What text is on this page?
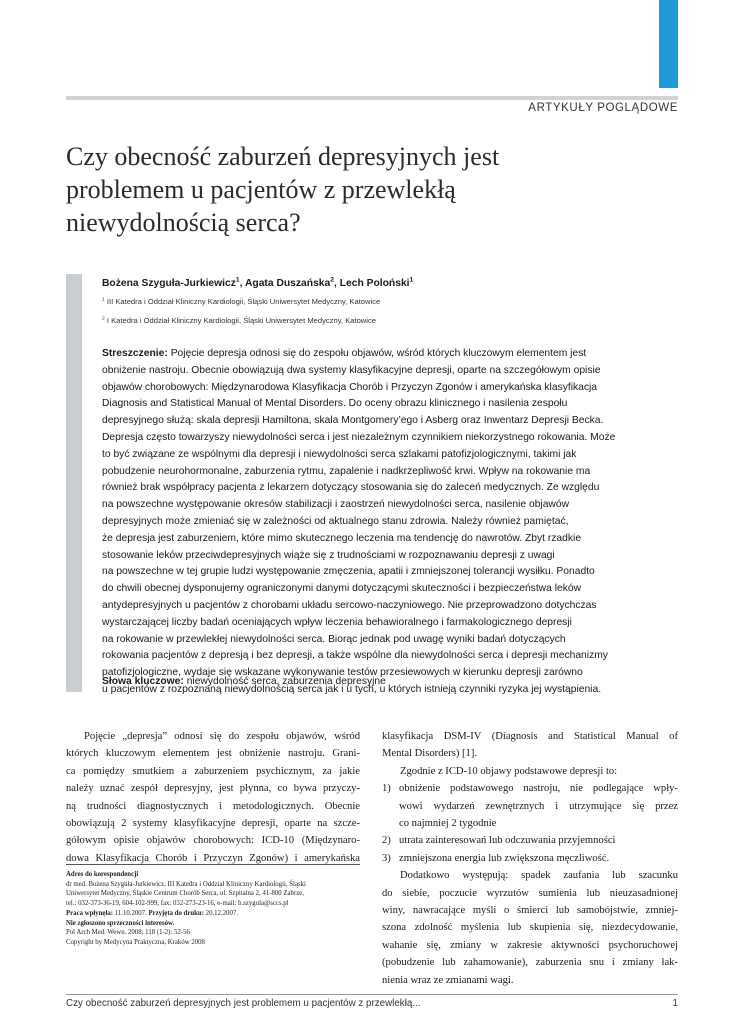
ARTYKUŁY POGLĄDOWE
Czy obecność zaburzeń depresyjnych jest
problemem u pacjentów z przewlekłą
niewydolnością serca?
Bożena Szyguła-Jurkiewicz$^1$, Agata Duszańska$^2$, Lech Poloński$^1$
$^1$ III Katedra i Oddział Kliniczny Kardiologii, Śląski Uniwersytet Medyczny, Katowice
$^2$ I Katedra i Oddział Kliniczny Kardiologii, Śląski Uniwersytet Medyczny, Katowice
Streszczenie: Pojęcie depresja odnosi się do zespołu objawów, wśród których kluczowym elementem jest
obniżenie nastroju. Obecnie obowiązują dwa systemy klasyfikacyjne depresji, oparte na szczegółowym opisie
objawów chorobowych: Międzynarodowa Klasyfikacja Chorób i Przyczyn Zgonów i amerykańska klasyfikacja
Diagnosis and Statistical Manual of Mental Disorders. Do oceny obrazu klinicznego i nasilenia zespołu
depresyjnego służą: skala depresji Hamiltona, skala Montgomery’ego i Asberg oraz Inwentarz Depresji Becka.
Depresja często towarzyszy niewydolności serca i jest niezależnym czynnikiem niekorzystnego rokowania. Może
to być związane ze wspólnymi dla depresji i niewydolności serca szlakami patofizjologicznymi, takimi jak
pobudzenie neurohormonalne, zaburzenia rytmu, zapalenie i nadkrzepliwość krwi. Wpływ na rokowanie ma
również brak współpracy pacjenta z lekarzem dotyczący stosowania się do zaleceń medycznych. Ze względu
na powszechne występowanie okresów stabilizacji i zaostrzeń niewydolności serca, nasilenie objawów
depresyjnych może zmieniać się w zależności od aktualnego stanu zdrowia. Należy również pamiętać,
że depresja jest zaburzeniem, które mimo skutecznego leczenia ma tendencję do nawrotów. Zbyt rzadkie
stosowanie leków przeciwdepresyjnych wiąże się z trudnościami w rozpoznawaniu depresji z uwagi
na powszechne w tej grupie ludzi występowanie zmęczenia, apatii i zmniejszonej tolerancji wysiłku. Ponadto
do chwili obecnej dysponujemy ograniczonymi danymi dotyczącymi skuteczności i bezpieczeństwa leków
antydepresyjnych u pacjentów z chorobami układu sercowo-naczyniowego. Nie przeprowadzono dotychczas
wystarczającej liczby badań oceniających wpływ leczenia behawioralnego i farmakologicznego depresji
na rokowanie w przewlekłej niewydolności serca. Biorąc jednak pod uwagę wyniki badań dotyczących
rokowania pacjentów z depresją i bez depresji, a także wspólne dla niewydolności serca i depresji mechanizmy
patofizjologiczne, wydaje się wskazane wykonywanie testów przesiewowych w kierunku depresji zarówno
u pacjentów z rozpoznaną niewydolnością serca jak i u tych, u których istnieją czynniki ryzyka jej wystąpienia.
Słowa kluczowe: niewydolność serca, zaburzenia depresyjne
Pojęcie „depresja” odnosi się do zespołu objawów, wśród
których kluczowym elementem jest obniżenie nastroju. Grani-
ca pomiędzy smutkiem a zaburzeniem psychicznym, za jakie
należy uznać zespół depresyjny, jest płynna, co bywa przyczy-
ną trudności diagnostycznych i metodologicznych. Obecnie
obowiązują 2 systemy klasyfikacyjne depresji, oparte na szcze-
gółowym opisie objawów chorobowych: ICD-10 (Międzynaro-
dowa Klasyfikacja Chorób i Przyczyn Zgonów) i amerykańska
Adres do korespondencji
dr med. Bożena Szyguła-Jurkiewicz, III Katedra i Oddział Kliniczny Kardiologii, Śląski
Uniwersytet Medyczny, Śląskie Centrum Chorób Serca, ul. Szpitalna 2, 41-800 Zabrze,
tel.: 032-373-36-19, 604-102-999, fax: 032-273-23-16, e-mail: b.szygula@sccs.pl
Praca wpłynęła: 11.10.2007. Przyjęta do druku: 20.12.2007.
Nie zgłoszono sprzeczności interesów.
Pol Arch Med. Wewn. 2008; 118 (1-2): 52-56
Copyright by Medycyna Praktyczna, Kraków 2008
klasyfikacja DSM-IV (Diagnosis and Statistical Manual of
Mental Disorders) [1].
Zgodnie z ICD-10 objawy podstawowe depresji to:
1) obniżenie podstawowego nastroju, nie podlegające wpły-
wowi wydarzeń zewnętrznych i utrzymujące się przez
co najmniej 2 tygodnie
2) utrata zainteresowań lub odczuwania przyjemności
3) zmniejszona energia lub zwiększona męczliwość.
Dodatkowo występują: spadek zaufania lub szacunku
do siebie, poczucie wyrzutów sumienia lub nieuzasadnionej
winy, nawracające myśli o śmierci lub samobójstwie, zmniej-
szona zdolność myślenia lub skupienia się, niezdecydowanie,
wahanie się, zmiany w zakresie aktywności psychoruchowej
(pobudzenie lub zahamowanie), zaburzenia snu i zmiany łak-
nienia wraz ze zmianami wagi.
Czy obecność zaburzeń depresyjnych jest problemem u pacjentów z przewlekłą...	1
